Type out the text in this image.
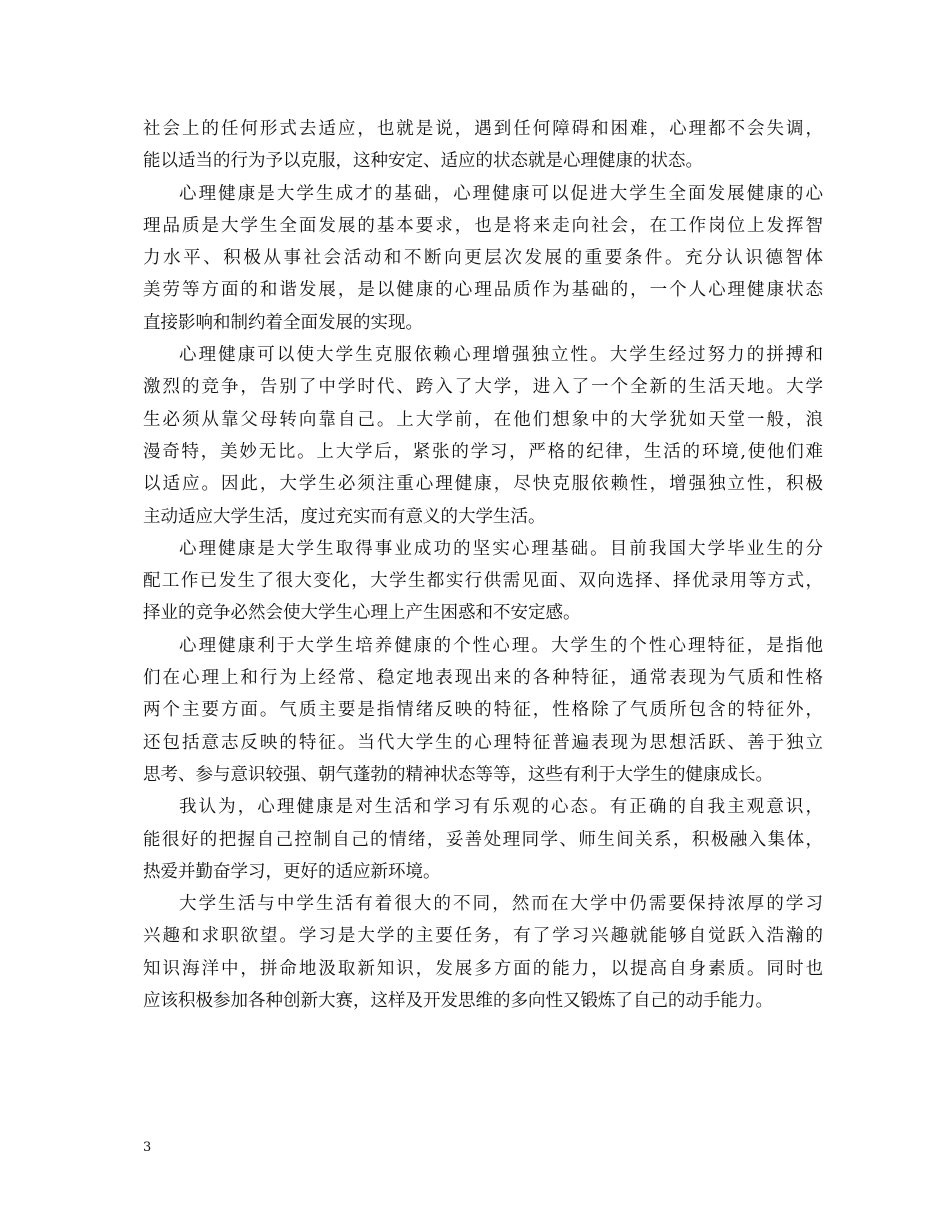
社会上的任何形式去适应，也就是说，遇到任何障碍和困难，心理都不会失调，
能以适当的行为予以克服，这种安定、适应的状态就是心理健康的状态。
心理健康是大学生成才的基础，心理健康可以促进大学生全面发展健康的心
理品质是大学生全面发展的基本要求，也是将来走向社会，在工作岗位上发挥智
力水平、积极从事社会活动和不断向更层次发展的重要条件。充分认识德智体
美劳等方面的和谐发展，是以健康的心理品质作为基础的，一个人心理健康状态
直接影响和制约着全面发展的实现。
心理健康可以使大学生克服依赖心理增强独立性。大学生经过努力的拼搏和
激烈的竞争，告别了中学时代、跨入了大学，进入了一个全新的生活天地。大学
生必须从靠父母转向靠自己。上大学前，在他们想象中的大学犹如天堂一般，浪
漫奇特，美妙无比。上大学后，紧张的学习，严格的纪律，生活的环境,使他们难
以适应。因此，大学生必须注重心理健康，尽快克服依赖性，增强独立性，积极
主动适应大学生活，度过充实而有意义的大学生活。
心理健康是大学生取得事业成功的坚实心理基础。目前我国大学毕业生的分
配工作已发生了很大变化，大学生都实行供需见面、双向选择、择优录用等方式，
择业的竞争必然会使大学生心理上产生困惑和不安定感。
心理健康利于大学生培养健康的个性心理。大学生的个性心理特征，是指他
们在心理上和行为上经常、稳定地表现出来的各种特征，通常表现为气质和性格
两个主要方面。气质主要是指情绪反映的特征，性格除了气质所包含的特征外，
还包括意志反映的特征。当代大学生的心理特征普遍表现为思想活跃、善于独立
思考、参与意识较强、朝气蓬勃的精神状态等等，这些有利于大学生的健康成长。
我认为，心理健康是对生活和学习有乐观的心态。有正确的自我主观意识，
能很好的把握自己控制自己的情绪，妥善处理同学、师生间关系，积极融入集体，
热爱并勤奋学习，更好的适应新环境。
大学生活与中学生活有着很大的不同，然而在大学中仍需要保持浓厚的学习
兴趣和求职欲望。学习是大学的主要任务，有了学习兴趣就能够自觉跃入浩瀚的
知识海洋中，拼命地汲取新知识，发展多方面的能力，以提高自身素质。同时也
应该积极参加各种创新大赛，这样及开发思维的多向性又锻炼了自己的动手能力。
3
